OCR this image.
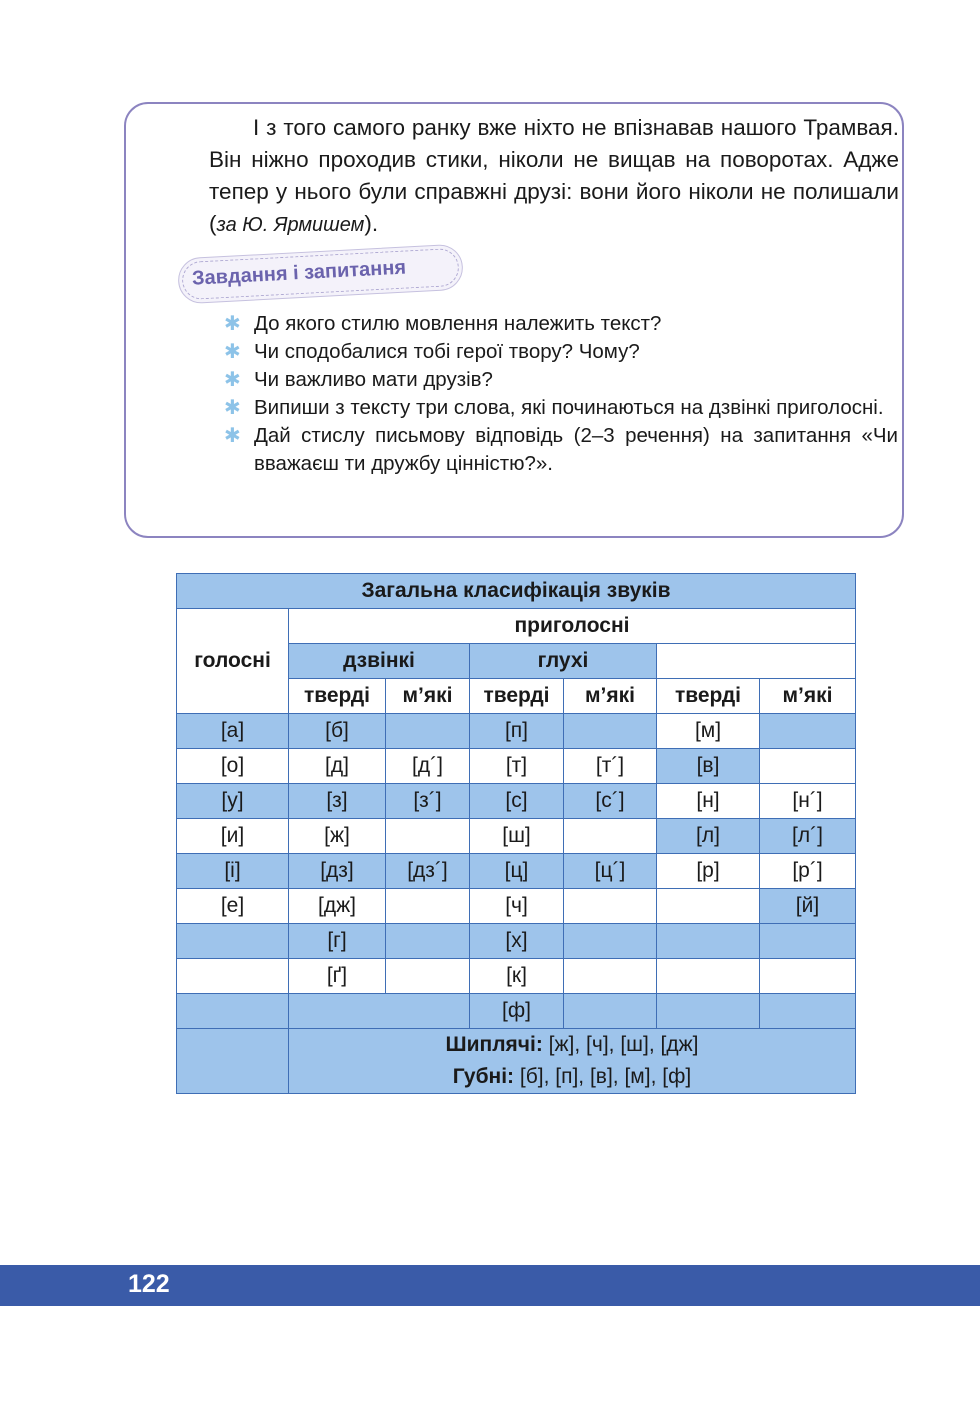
І з того самого ранку вже ніхто не впізнавав нашого Трамвая. Він ніжно проходив стики, ніколи не вищав на поворотах. Адже тепер у нього були справжні друзі: вони його ніколи не полишали (за Ю. Ярмишем).

Завдання і запитання
✱ До якого стилю мовлення належить текст?
✱ Чи сподобалися тобі герої твору? Чому?
✱ Чи важливо мати друзів?
✱ Випиши з тексту три слова, які починаються на дзвінкі приголосні.
✱ Дай стислу письмову відповідь (2–3 речення) на запитання «Чи вважаєш ти дружбу цінністю?».
Загальна класифікація звуків						
голосні	приголосні					
	дзвінкі		глухі			
	тверді	м’які	тверді	м’які	тверді	м’які
[а]	[б]		[п]		[м]	
[о]	[д]	[д´]	[т]	[т´]	[в]	
[у]	[з]	[з´]	[с]	[с´]	[н]	[н´]
[и]	[ж]		[ш]		[л]	[л´]
[і]	[дз]	[дз´]	[ц]	[ц´]	[р]	[р´]
[е]	[дж]		[ч]			[й]
	[г]		[х]			
	[ґ]		[к]			
			[ф]			

	Шиплячі: [ж], [ч], [ш], [дж]
Губні: [б], [п], [в], [м], [ф]					
122
